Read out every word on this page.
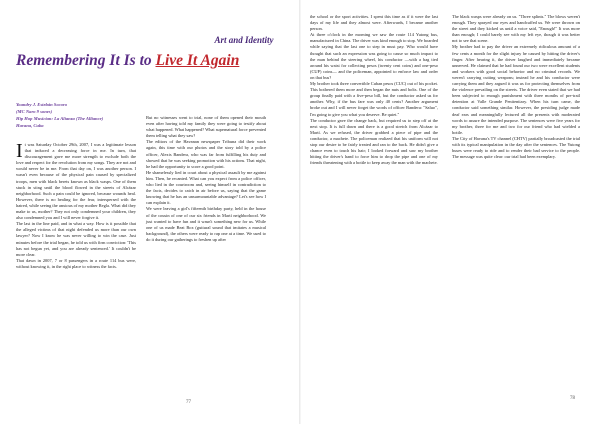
Art and Identity
Remembering It Is to Live It Again
Yoandry J. Estebán Socoro
(MC Naro 9 sones)
Hip Hop Musician: La Alianza (The Alliance)
Havana, Cuba

It was Saturday October 29th, 2007, I was a legitimate lesson that induced a decreasing force in me. In turn, that discouragement gave me more strength to exclude both the love and respect for the revolution from my songs. They are not and would never be in me. From that day on, I was another person. I wasn't even because of the physical pain caused by specialized troops, men with black berets known as black wasps. One of them stuck in sting until the blood flowed in the streets of Alcázar neighborhood. Such a pain could be ignored, because wounds heal. However, there is no healing for the fear, interspersed with the hatred, while seeing the anxious of my mother Regla. What did they make to us, mother? They not only condemned your children, they also condemned you and I will never forgive it.

The last in the line paid, and in what a way. How is it possible that the alleged victims of that night defended us more than our own lawyer? Now I know he was never willing to win the case. Just minutes before the trial began, he told us with firm conviction: 'This has not begun yet, and you are already sentenced.' It couldn't be more clear.

That dawn in 2007, 7 or 8 passengers in a route 114 bus were, without knowing it, in the right place to witness the facts.

But no witnesses went to trial, none of them opened their mouth even after having told my family they were going to testify about what happened. What happened? What supernatural force prevented them telling what they saw?

The editors of the Havanan newspaper Tribuna did their work again, this time with our photos and the story told by a police officer, Alexis Bandera, who was far from fulfilling his duty and showed that he was seeking promotion with his actions. That night, he had the opportunity to score a good point.

He shamelessly lied in court about a physical assault by me against him. Then, he recanted. What can you expect from a police officer, who lied in the courtroom and, seeing himself in contradiction to the facts, decides to catch in air before us, saying that the game knowing that he has an unsurmountable advantage? Let's see how I can explain it.

We were leaving a girl's fifteenth birthday party, held in the house of the cousin of one of our six friends in Martí neighborhood. We just wanted to have fun and it wasn't something new for us. While one of us made Beat Box (guttural sound that imitates a musical background), the others were ready to rap one at a time. We used to do it during our gatherings to freshen up after

the school or the sport activities. I spent this time as if it were the last days of my life and they almost were. Afterwards, I became another person.

At three o'clock in the morning we saw the route 114 Yutong bus, manufactured in China. The driver was kind enough to stop. We boarded while saying that the last one to step in must pay. Who would have thought that such an expression was going to cause so much impact to the man behind the steering wheel, his conductor —with a bag tied around his waist for collecting pesos (twenty cent coins) and one-peso (CUP) coins— and the policeman, appointed to enforce law and order on that bus?

My brother took three convertible Cuban pesos (CUC) out of his pocket. This bothered them more and then began the nuts and bolts. One of the group finally paid with a five-peso bill, but the conductor asked us for another. Why, if the bus fare was only 40 cents? Another argument broke out and I will never forget the words of officer Bandera: "Saluo", I'm going to give you what you deserve. Be quiet."

The conductor gave the change back, but required us to step off at the next stop. It is full dawn and there is a good stretch from Alcázar to Martí. As we refused, the driver grabbed a piece of pipe and the conductor, a machete. The policeman realized that his uniform will not stop our desire to be fairly treated and ran to the back. He didn't give a chance even to touch his hair; I looked forward and saw my brother hitting the driver's hand to force him to drop the pipe and one of my friends threatening with a bottle to keep away the man with the machete.

The black wasps were already on us. "Three splints." The blows weren't enough. They sprayed our eyes and handcuffed us. We were thrown on the street and they kicked us until a voice said, "Enough!" It was more than enough; I could barely see with my left eye, though it was better not to see that scene.

My brother had to pay the driver an extremely ridiculous amount of a few cents a month for the slight injury he caused by hitting the driver's finger. After hearing it, the driver laughed and immediately became unnerved. He claimed that he had found our two were excellent students and workers with good social behavior and no criminal records. We weren't carrying cutting weapons; instead he and his conductor were carrying them and they argued it was us for protecting themselves from the violence prevailing on the streets. The driver even stated that we had been subjected to enough punishment with three months of pre-trail detention at Valle Grande Penitentiary. When his turn came, the conductor said something similar. However, the presiding judge made deaf ears and meaningfully lectured all the presents with moderated words to assure the intended purpose. The sentences were five years for my brother, three for me and two for our friend who had wielded a bottle.

The City of Havana's TV channel (CHTV) partially broadcasted the trial with its typical manipulation in the day after the sentences. The Yutong buses were ready to ride and to render their bad service to the people. The message was quite clear: our trial had been exemplary.

77
78
